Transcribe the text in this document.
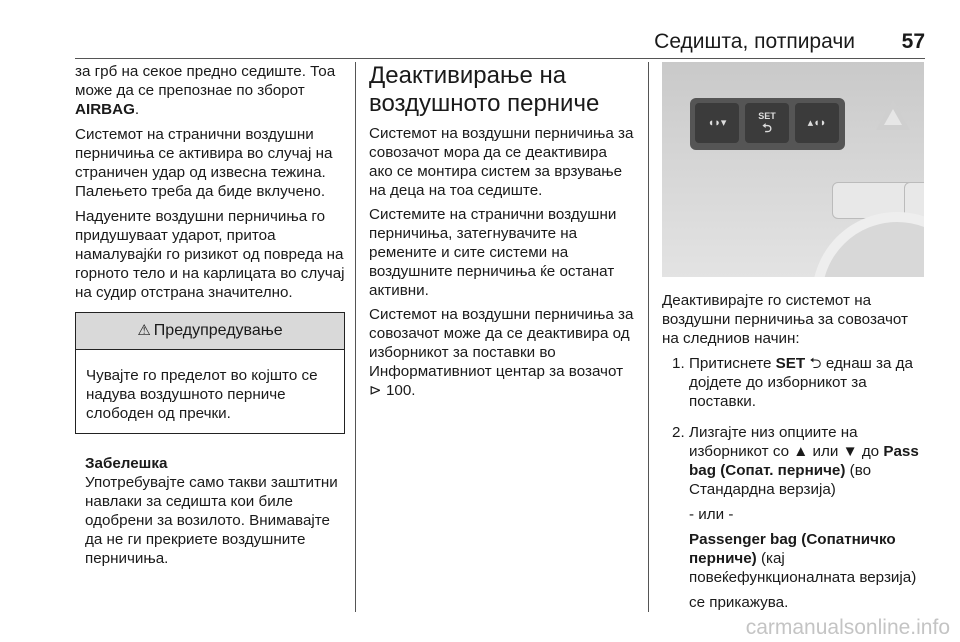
Седишта, потпирачи 57

за грб на секое предно седиште. Тоа може да се препознае по зборот AIRBAG.

Системот на странични воздушни перничиња се активира во случај на страничен удар од извесна тежина. Палењето треба да биде вклучено.

Надуените воздушни перничиња го придушуваат ударот, притоа намалувајќи го ризикот од повреда на горното тело и на карлицата во случај на судир отстрана значително.

⚠ Предупредување

Чувајте го пределот во којшто се надува воздушното перниче слободен од пречки.

Забелешка

Употребувајте само такви заштитни навлаки за седишта кои биле одобрени за возилото. Внимавајте да не ги прекриете воздушните перничиња.

Деактивирање на воздушното перниче

Системот на воздушни перничиња за совозачот мора да се деактивира ако се монтира систем за врзување на деца на тоа седиште.

Системите на странични воздушни перничиња, затегнувачите на ремените и сите системи на воздушните перничиња ќе останат активни.

Системот на воздушни перничиња за совозачот може да се деактивира од изборникот за поставки во Информативниот центар за возачот ⊳ 100.

◖◗▾
SET
⮌	▴◖◗

Деактивирајте го системот на воздушни перничиња за совозачот на следниов начин:

1. Притиснете SET ⮌ еднаш за да дојдете до изборникот за поставки.

2. Лизгајте низ опциите на изборникот со ▲ или ▼ до Pass bag (Сопат. перниче) (во Стандардна верзија)

- или -

Passenger bag (Сопатничко перниче) (кај повеќефункционалната верзија)

се прикажува.

carmanualsonline.info
